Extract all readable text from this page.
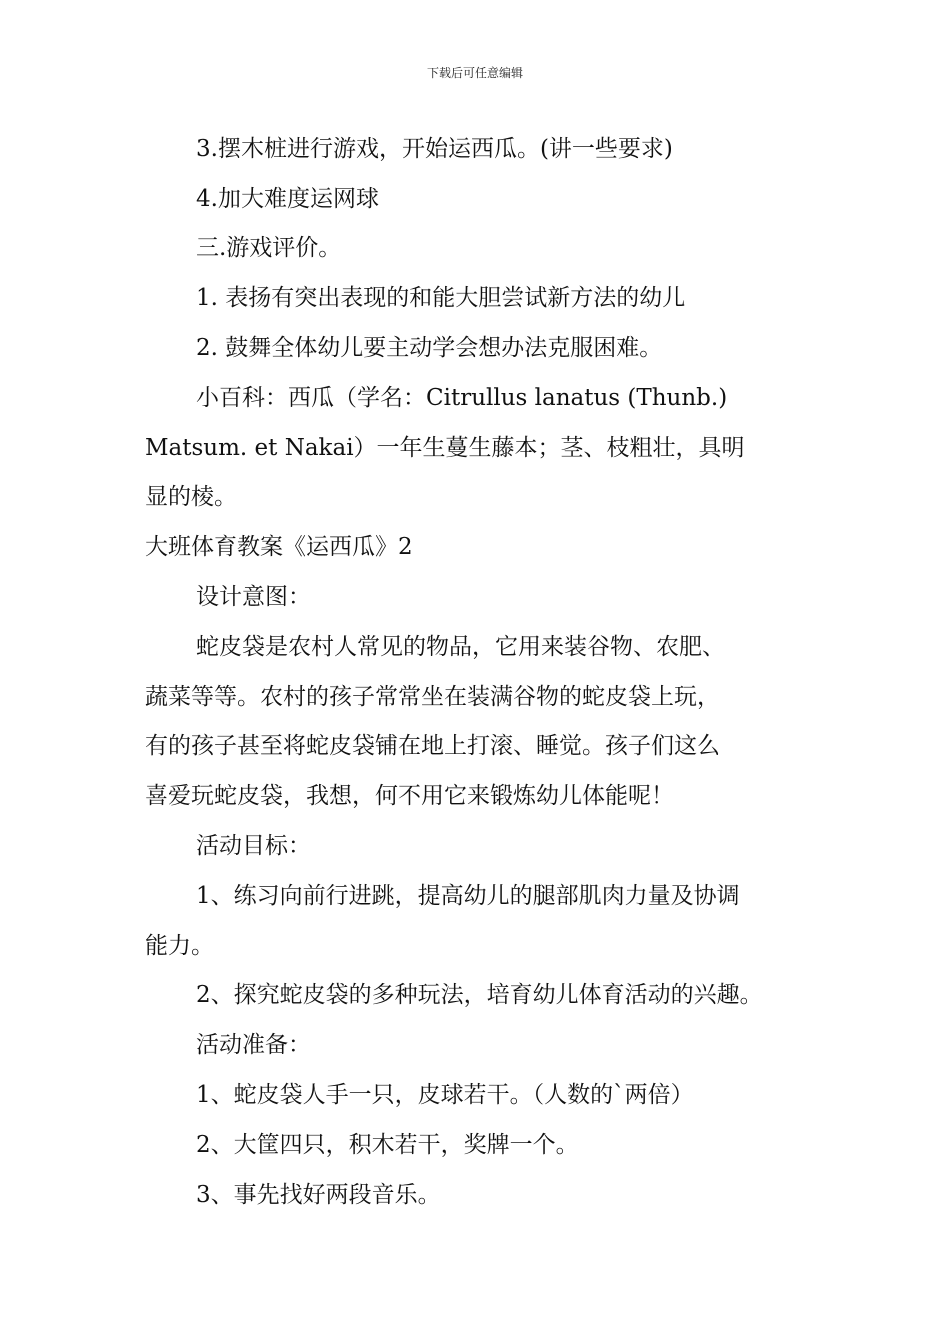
下载后可任意编辑
3.摆木桩进行游戏，开始运西瓜。(讲一些要求)
4.加大难度运网球
三.游戏评价。
1. 表扬有突出表现的和能大胆尝试新方法的幼儿
2. 鼓舞全体幼儿要主动学会想办法克服困难。
小百科：西瓜（学名：Citrullus lanatus (Thunb.)
Matsum. et Nakai）一年生蔓生藤本；茎、枝粗壮，具明
显的棱。
大班体育教案《运西瓜》2
设计意图：
蛇皮袋是农村人常见的物品，它用来装谷物、农肥、
蔬菜等等。农村的孩子常常坐在装满谷物的蛇皮袋上玩，
有的孩子甚至将蛇皮袋铺在地上打滚、睡觉。孩子们这么
喜爱玩蛇皮袋，我想，何不用它来锻炼幼儿体能呢！
活动目标：
1、练习向前行进跳，提高幼儿的腿部肌肉力量及协调
能力。
2、探究蛇皮袋的多种玩法，培育幼儿体育活动的兴趣。
活动准备：
1、蛇皮袋人手一只，皮球若干。（人数的`两倍）
2、大筐四只，积木若干，奖牌一个。
3、事先找好两段音乐。
